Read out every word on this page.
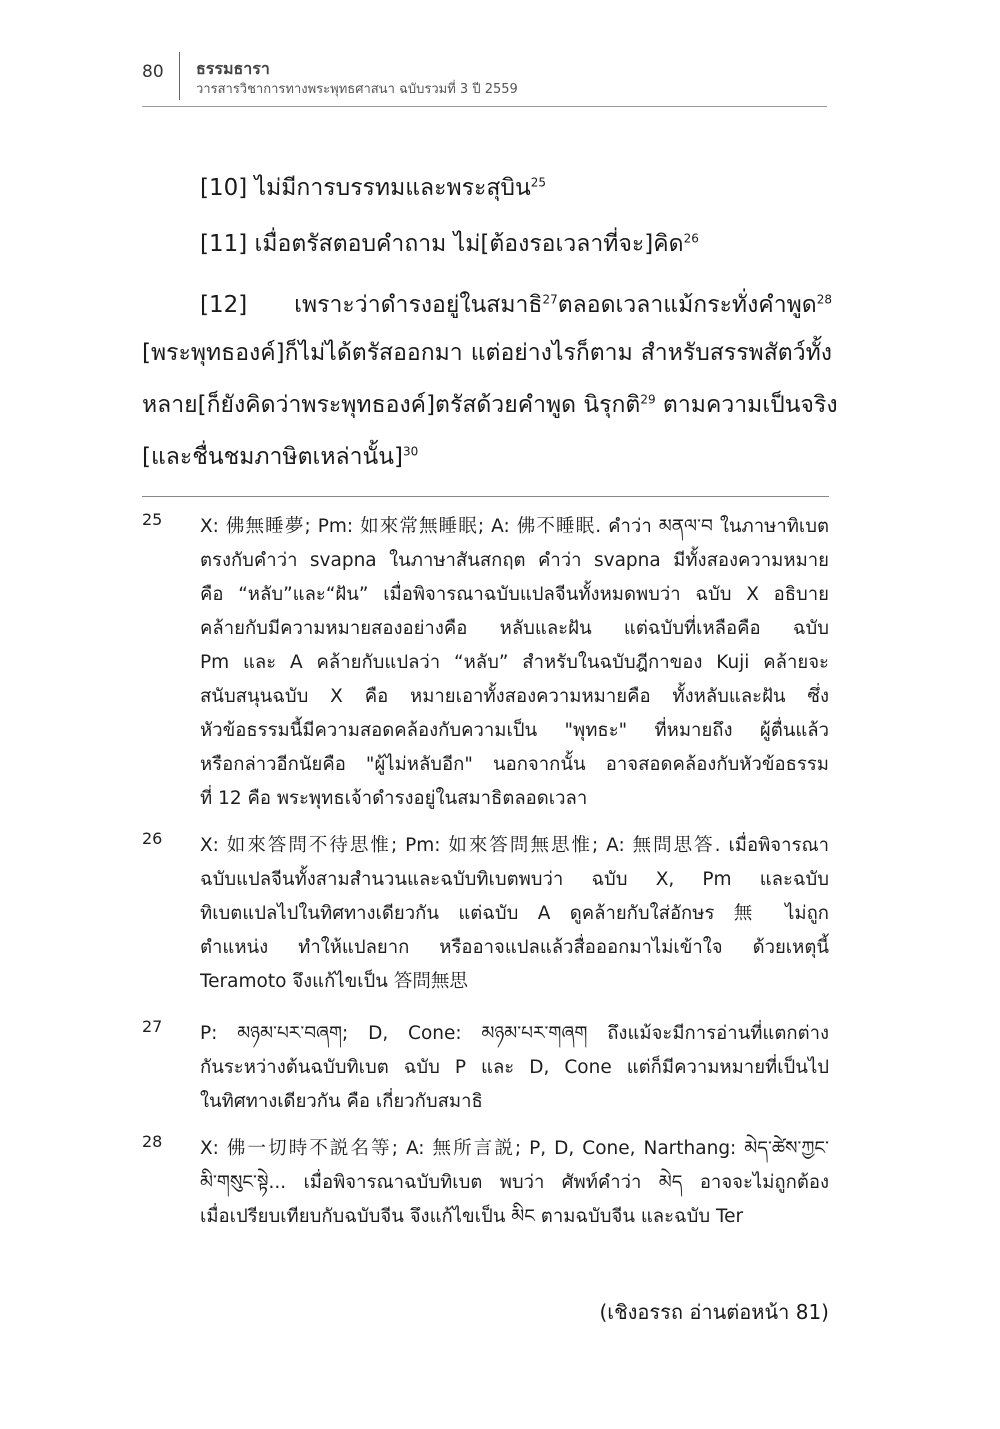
80 ธรรมธารา
วารสารวิชาการทางพระพุทธศาสนา ฉบับรวมที่ 3 ปี 2559

[10] ไม่มีการบรรทมและพระสุบิน$^{25}$

[11] เมื่อตรัสตอบคำถาม ไม่[ต้องรอเวลาที่จะ]คิด$^{26}$

[12] เพราะว่าดำรงอยู่ในสมาธิ$^{27}$ตลอดเวลาแม้กระทั่งคำพูด$^{28}$

[พระพุทธองค์]ก็ไม่ได้ตรัสออกมา แต่อย่างไรก็ตาม สำหรับสรรพสัตว์ทั้ง

หลาย[ก็ยังคิดว่าพระพุทธองค์]ตรัสด้วยคำพูด นิรุกติ$^{29}$ ตามความเป็นจริง

[และชื่นชมภาษิตเหล่านั้น]$^{30}$

25 X: 佛無睡夢; Pm: 如來常無睡眠; A: 佛不睡眠. คำว่า མནལ་བ ในภาษาทิเบต
ตรงกับคำว่า svapna ในภาษาสันสกฤต คำว่า svapna มีทั้งสองความหมาย
คือ “หลับ”และ“ฝัน” เมื่อพิจารณาฉบับแปลจีนทั้งหมดพบว่า ฉบับ X อธิบาย
คล้ายกับมีความหมายสองอย่างคือ หลับและฝัน แต่ฉบับที่เหลือคือ ฉบับ
Pm และ A คล้ายกับแปลว่า “หลับ” สำหรับในฉบับฎีกาของ Kuji คล้ายจะ
สนับสนุนฉบับ X คือ หมายเอาทั้งสองความหมายคือ ทั้งหลับและฝัน ซึ่ง
หัวข้อธรรมนี้มีความสอดคล้องกับความเป็น "พุทธะ" ที่หมายถึง ผู้ตื่นแล้ว
หรือกล่าวอีกนัยคือ "ผู้ไม่หลับอีก" นอกจากนั้น อาจสอดคล้องกับหัวข้อธรรม
ที่ 12 คือ พระพุทธเจ้าดำรงอยู่ในสมาธิตลอดเวลา
26 X: 如來答問不待思惟; Pm: 如來答問無思惟; A: 無問思答. เมื่อพิจารณา
ฉบับแปลจีนทั้งสามสำนวนและฉบับทิเบตพบว่า ฉบับ X, Pm และฉบับ
ทิเบตแปลไปในทิศทางเดียวกัน แต่ฉบับ A ดูคล้ายกับใส่อักษร 無 ไม่ถูก
ตำแหน่ง ทำให้แปลยาก หรืออาจแปลแล้วสื่อออกมาไม่เข้าใจ ด้วยเหตุนี้
Teramoto จึงแก้ไขเป็น 答問無思
27 P: མཉམ་པར་བཞག; D, Cone: མཉམ་པར་གཞག ถึงแม้จะมีการอ่านที่แตกต่าง
กันระหว่างต้นฉบับทิเบต ฉบับ P และ D, Cone แต่ก็มีความหมายที่เป็นไป
ในทิศทางเดียวกัน คือ เกี่ยวกับสมาธิ
28 X: 佛一切時不説名等; A: 無所言説; P, D, Cone, Narthang: མེད་ཚེས་ཀྱང་
མི་གསུང་སྟེ... เมื่อพิจารณาฉบับทิเบต พบว่า ศัพท์คำว่า མེད อาจจะไม่ถูกต้อง
เมื่อเปรียบเทียบกับฉบับจีน จึงแก้ไขเป็น མིང ตามฉบับจีน และฉบับ Ter
(เชิงอรรถ อ่านต่อหน้า 81)
